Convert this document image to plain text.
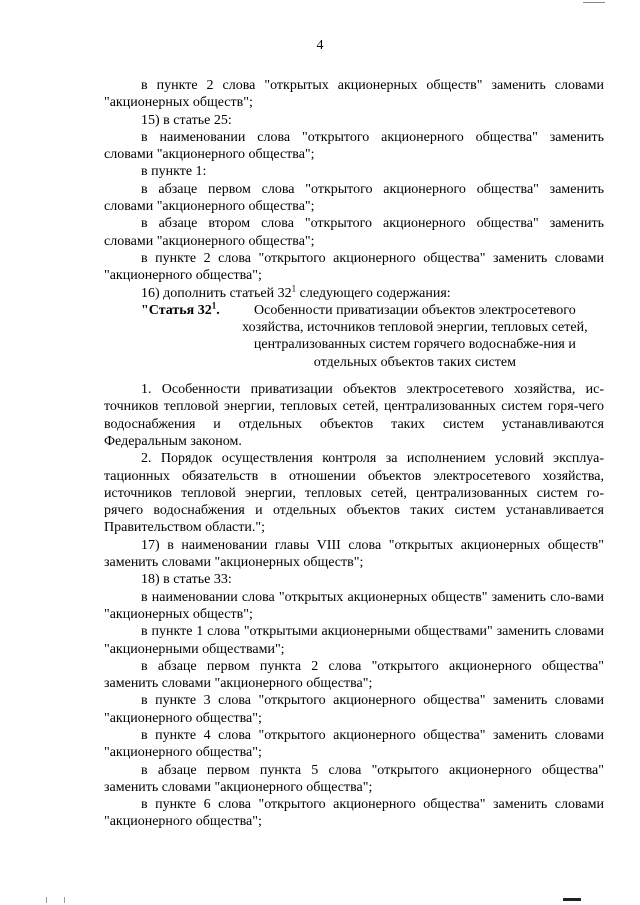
4

в пункте 2 слова "открытых акционерных обществ" заменить словами "акционерных обществ";

15) в статье 25:

в наименовании слова "открытого акционерного общества" заменить словами "акционерного общества";

в пункте 1:

в абзаце первом слова "открытого акционерного общества" заменить словами "акционерного общества";

в абзаце втором слова "открытого акционерного общества" заменить словами "акционерного общества";

в пункте 2 слова "открытого акционерного общества" заменить словами "акционерного общества";

16) дополнить статьей $32^1$ следующего содержания:

"Статья $32^1$.	Особенности приватизации объектов электросетевого хозяйства, источников тепловой энергии, тепловых сетей, централизованных систем горячего водоснабже-ния и отдельных объектов таких систем

1. Особенности приватизации объектов электросетевого хозяйства, ис-точников тепловой энергии, тепловых сетей, централизованных систем горя-чего водоснабжения и отдельных объектов таких систем устанавливаются Федеральным законом.

2. Порядок осуществления контроля за исполнением условий эксплуа-тационных обязательств в отношении объектов электросетевого хозяйства, источников тепловой энергии, тепловых сетей, централизованных систем го-рячего водоснабжения и отдельных объектов таких систем устанавливается Правительством области.";

17) в наименовании главы VIII слова "открытых акционерных обществ" заменить словами "акционерных обществ";

18) в статье 33:

в наименовании слова "открытых акционерных обществ" заменить сло-вами "акционерных обществ";

в пункте 1 слова "открытыми акционерными обществами" заменить словами "акционерными обществами";

в абзаце первом пункта 2 слова "открытого акционерного общества" заменить словами "акционерного общества";

в пункте 3 слова "открытого акционерного общества" заменить словами "акционерного общества";

в пункте 4 слова "открытого акционерного общества" заменить словами "акционерного общества";

в абзаце первом пункта 5 слова "открытого акционерного общества" заменить словами "акционерного общества";

в пункте 6 слова "открытого акционерного общества" заменить словами "акционерного общества";
